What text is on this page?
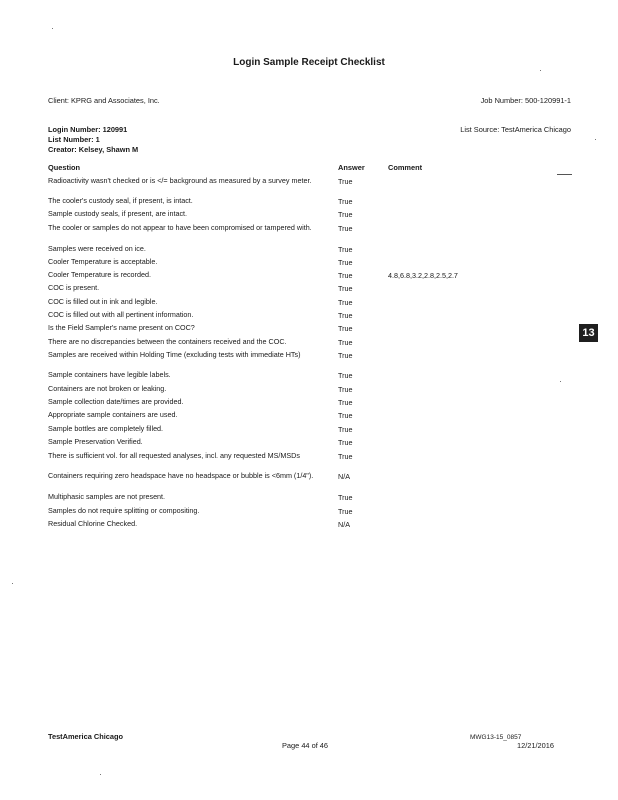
Login Sample Receipt Checklist
Client: KPRG and Associates, Inc.	Job Number: 500-120991-1
Login Number: 120991	List Source: TestAmerica Chicago
List Number: 1
Creator: Kelsey, Shawn M
Question	Answer	Comment
Radioactivity wasn't checked or is </= background as measured by a survey meter.	True
The cooler's custody seal, if present, is intact.	True
Sample custody seals, if present, are intact.	True
The cooler or samples do not appear to have been compromised or tampered with.	True
Samples were received on ice.	True
Cooler Temperature is acceptable.	True
Cooler Temperature is recorded.	True	4.8,6.8,3.2,2.8,2.5,2.7
COC is present.	True
COC is filled out in ink and legible.	True
COC is filled out with all pertinent information.	True
Is the Field Sampler's name present on COC?	True
There are no discrepancies between the containers received and the COC.	True
Samples are received within Holding Time (excluding tests with immediate HTs)	True
Sample containers have legible labels.	True
Containers are not broken or leaking.	True
Sample collection date/times are provided.	True
Appropriate sample containers are used.	True
Sample bottles are completely filled.	True
Sample Preservation Verified.	True
There is sufficient vol. for all requested analyses, incl. any requested MS/MSDs	True
Containers requiring zero headspace have no headspace or bubble is <6mm (1/4").	N/A
Multiphasic samples are not present.	True
Samples do not require splitting or compositing.	True
Residual Chlorine Checked.	N/A
13
TestAmerica Chicago
Page 44 of 46
MWG13-15_0857
12/21/2016
